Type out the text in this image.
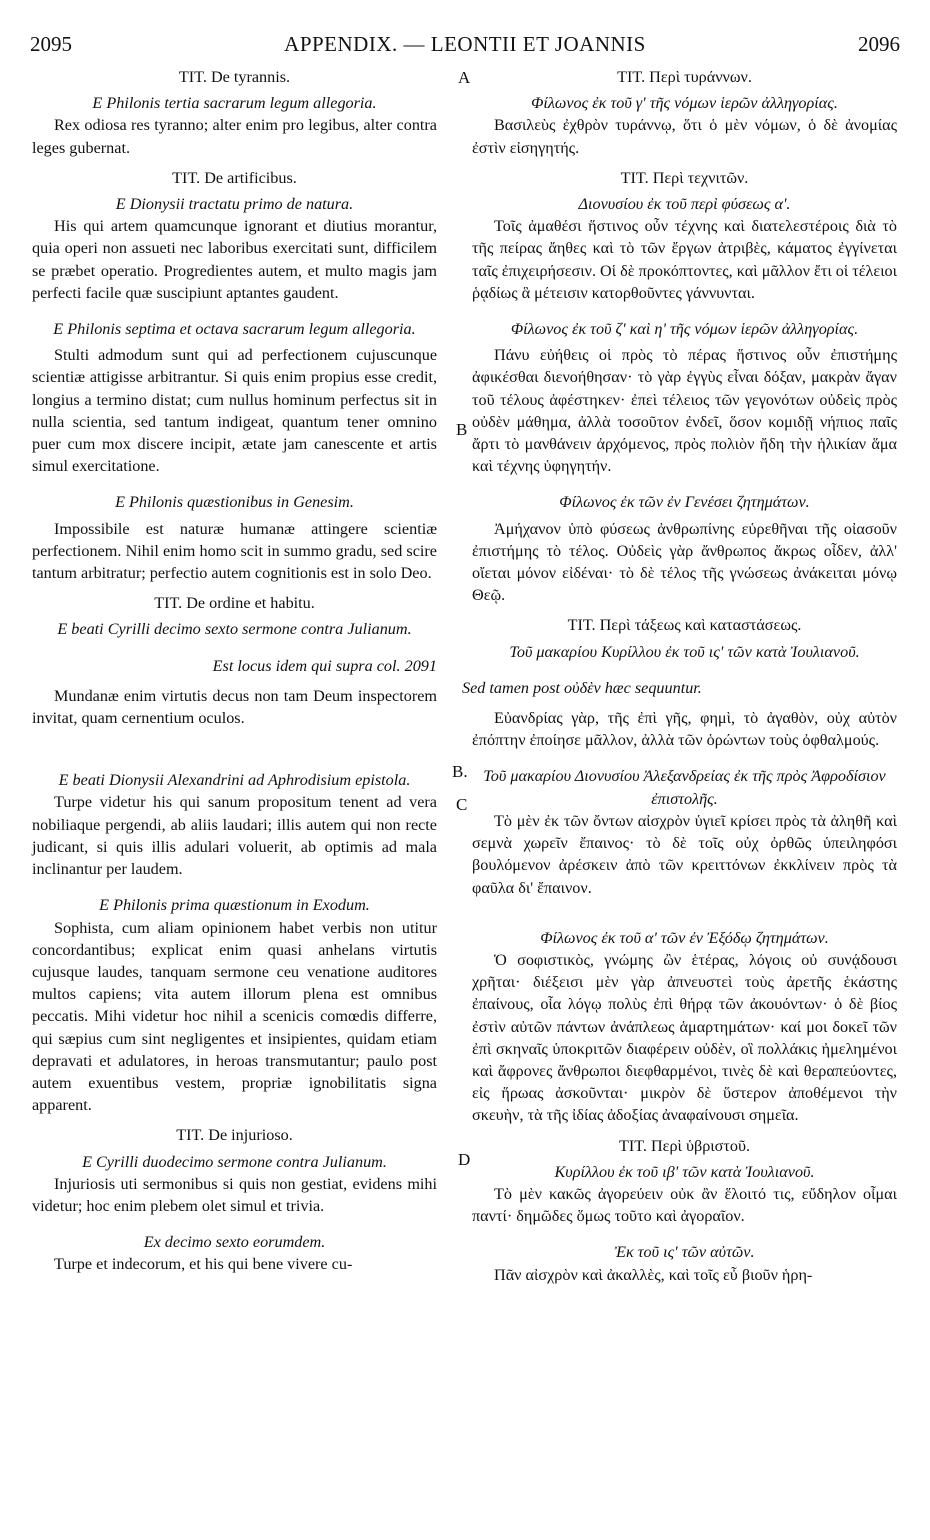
2095	APPENDIX. — LEONTII ET JOANNIS	2096
A
B
B.
C
D

TIT. De tyrannis.

E Philonis tertia sacrarum legum allegoria.

Rex odiosa res tyranno; alter enim pro legibus, alter contra leges gubernat.

TIT. De artificibus.

E Dionysii tractatu primo de natura.

His qui artem quamcunque ignorant et diutius morantur, quia operi non assueti nec laboribus exercitati sunt, difficilem se præbet operatio. Progredientes autem, et multo magis jam perfecti facile quæ suscipiunt aptantes gaudent.

E Philonis septima et octava sacrarum legum allegoria.

Stulti admodum sunt qui ad perfectionem cujuscunque scientiæ attigisse arbitrantur. Si quis enim propius esse credit, longius a termino distat; cum nullus hominum perfectus sit in nulla scientia, sed tantum indigeat, quantum tener omnino puer cum mox discere incipit, ætate jam canescente et artis simul exercitatione.

E Philonis quæstionibus in Genesim.

Impossibile est naturæ humanæ attingere scientiæ perfectionem. Nihil enim homo scit in summo gradu, sed scire tantum arbitratur; perfectio autem cognitionis est in solo Deo.

TIT. De ordine et habitu.

E beati Cyrilli decimo sexto sermone contra Julianum.

Est locus idem qui supra col. 2091

Mundanæ enim virtutis decus non tam Deum inspectorem invitat, quam cernentium oculos.

E beati Dionysii Alexandrini ad Aphrodisium epistola.

Turpe videtur his qui sanum propositum tenent ad vera nobiliaque pergendi, ab aliis laudari; illis autem qui non recte judicant, si quis illis adulari voluerit, ab optimis ad mala inclinantur per laudem.

E Philonis prima quæstionum in Exodum.

Sophista, cum aliam opinionem habet verbis non utitur concordantibus; explicat enim quasi anhelans virtutis cujusque laudes, tanquam sermone ceu venatione auditores multos capiens; vita autem illorum plena est omnibus peccatis. Mihi videtur hoc nihil a scenicis comœdis differre, qui sæpius cum sint negligentes et insipientes, quidam etiam depravati et adulatores, in heroas transmutantur; paulo post autem exuentibus vestem, propriæ ignobilitatis signa apparent.

TIT. De injurioso.

E Cyrilli duodecimo sermone contra Julianum.

Injuriosis uti sermonibus si quis non gestiat, evidens mihi videtur; hoc enim plebem olet simul et trivia.

Ex decimo sexto eorumdem.

Turpe et indecorum, et his qui bene vivere cu-

TIT. Περὶ τυράννων.

Φίλωνος ἐκ τοῦ γ' τῆς νόμων ἱερῶν ἀλληγορίας.

Βασιλεὺς ἐχθρὸν τυράννῳ, ὅτι ὁ μὲν νόμων, ὁ δὲ ἀνομίας ἐστὶν εἰσηγητής.

TIT. Περὶ τεχνιτῶν.

Διονυσίου ἐκ τοῦ περὶ φύσεως α'.

Τοῖς ἀμαθέσι ἥστινος οὖν τέχνης καὶ διατελεστέροις διὰ τὸ τῆς πείρας ἄηθες καὶ τὸ τῶν ἔργων ἀτριβὲς, κάματος ἐγγίνεται ταῖς ἐπιχειρήσεσιν. Οἱ δὲ προκόπτοντες, καὶ μᾶλλον ἔτι οἱ τέλειοι ῥᾳδίως ἃ μέτεισιν κατορθοῦντες γάννυνται.

Φίλωνος ἐκ τοῦ ζ' καὶ η' τῆς νόμων ἱερῶν ἀλληγορίας.

Πάνυ εὐήθεις οἱ πρὸς τὸ πέρας ἥστινος οὖν ἐπιστήμης ἀφικέσθαι διενοήθησαν· τὸ γὰρ ἐγγὺς εἶναι δόξαν, μακρὰν ἄγαν τοῦ τέλους ἀφέστηκεν· ἐπεὶ τέλειος τῶν γεγονότων οὐδεὶς πρὸς οὐδὲν μάθημα, ἀλλὰ τοσοῦτον ἐνδεῖ, ὅσον κομιδῇ νήπιος παῖς ἄρτι τὸ μανθάνειν ἀρχόμενος, πρὸς πολιὸν ἤδη τὴν ἡλικίαν ἅμα καὶ τέχνης ὑφηγητήν.

Φίλωνος ἐκ τῶν ἐν Γενέσει ζητημάτων.

Ἀμήχανον ὑπὸ φύσεως ἀνθρωπίνης εὑρεθῆναι τῆς οἰασοῦν ἐπιστήμης τὸ τέλος. Οὐδεὶς γὰρ ἄνθρωπος ἄκρως οἶδεν, ἀλλ' οἴεται μόνον εἰδέναι· τὸ δὲ τέλος τῆς γνώσεως ἀνάκειται μόνῳ Θεῷ.

TIT. Περὶ τάξεως καὶ καταστάσεως.

Τοῦ μακαρίου Κυρίλλου ἐκ τοῦ ις' τῶν κατὰ Ἰουλιανοῦ.

Sed tamen post οὐδὲν hæc sequuntur.

Εὐανδρίας γὰρ, τῆς ἐπὶ γῆς, φημὶ, τὸ ἀγαθὸν, οὐχ αὐτὸν ἐπόπτην ἐποίησε μᾶλλον, ἀλλὰ τῶν ὁρώντων τοὺς ὀφθαλμούς.

Τοῦ μακαρίου Διονυσίου Ἀλεξανδρείας ἐκ τῆς πρὸς Ἀφροδίσιον ἐπιστολῆς.

Τὸ μὲν ἐκ τῶν ὄντων αἰσχρὸν ὑγιεῖ κρίσει πρὸς τὰ ἀληθῆ καὶ σεμνὰ χωρεῖν ἔπαινος· τὸ δὲ τοῖς οὐχ ὀρθῶς ὑπειληφόσι βουλόμενον ἀρέσκειν ἀπὸ τῶν κρειττόνων ἐκκλίνειν πρὸς τὰ φαῦλα δι' ἔπαινον.

Φίλωνος ἐκ τοῦ α' τῶν ἐν Ἐξόδῳ ζητημάτων.

Ὁ σοφιστικὸς, γνώμης ὢν ἑτέρας, λόγοις οὐ συνᾴδουσι χρῆται· διέξεισι μὲν γὰρ ἀπνευστεὶ τοὺς ἀρετῆς ἑκάστης ἐπαίνους, οἷα λόγῳ πολὺς ἐπὶ θήρᾳ τῶν ἀκουόντων· ὁ δὲ βίος ἐστὶν αὐτῶν πάντων ἀνάπλεως ἁμαρτημάτων· καί μοι δοκεῖ τῶν ἐπὶ σκηναῖς ὑποκριτῶν διαφέρειν οὐδὲν, οἳ πολλάκις ἠμελημένοι καὶ ἄφρονες ἄνθρωποι διεφθαρμένοι, τινὲς δὲ καὶ θεραπεύοντες, εἰς ἥρωας ἀσκοῦνται· μικρὸν δὲ ὕστερον ἀποθέμενοι τὴν σκευὴν, τὰ τῆς ἰδίας ἀδοξίας ἀναφαίνουσι σημεῖα.

TIT. Περὶ ὑβριστοῦ.

Κυρίλλου ἐκ τοῦ ιβ' τῶν κατὰ Ἰουλιανοῦ.

Τὸ μὲν κακῶς ἀγορεύειν οὐκ ἂν ἕλοιτό τις, εὔδηλον οἶμαι παντί· δημῶδες ὅμως τοῦτο καὶ ἀγοραῖον.

Ἐκ τοῦ ις' τῶν αὐτῶν.

Πᾶν αἰσχρὸν καὶ ἀκαλλὲς, καὶ τοῖς εὖ βιοῦν ἡρη-
